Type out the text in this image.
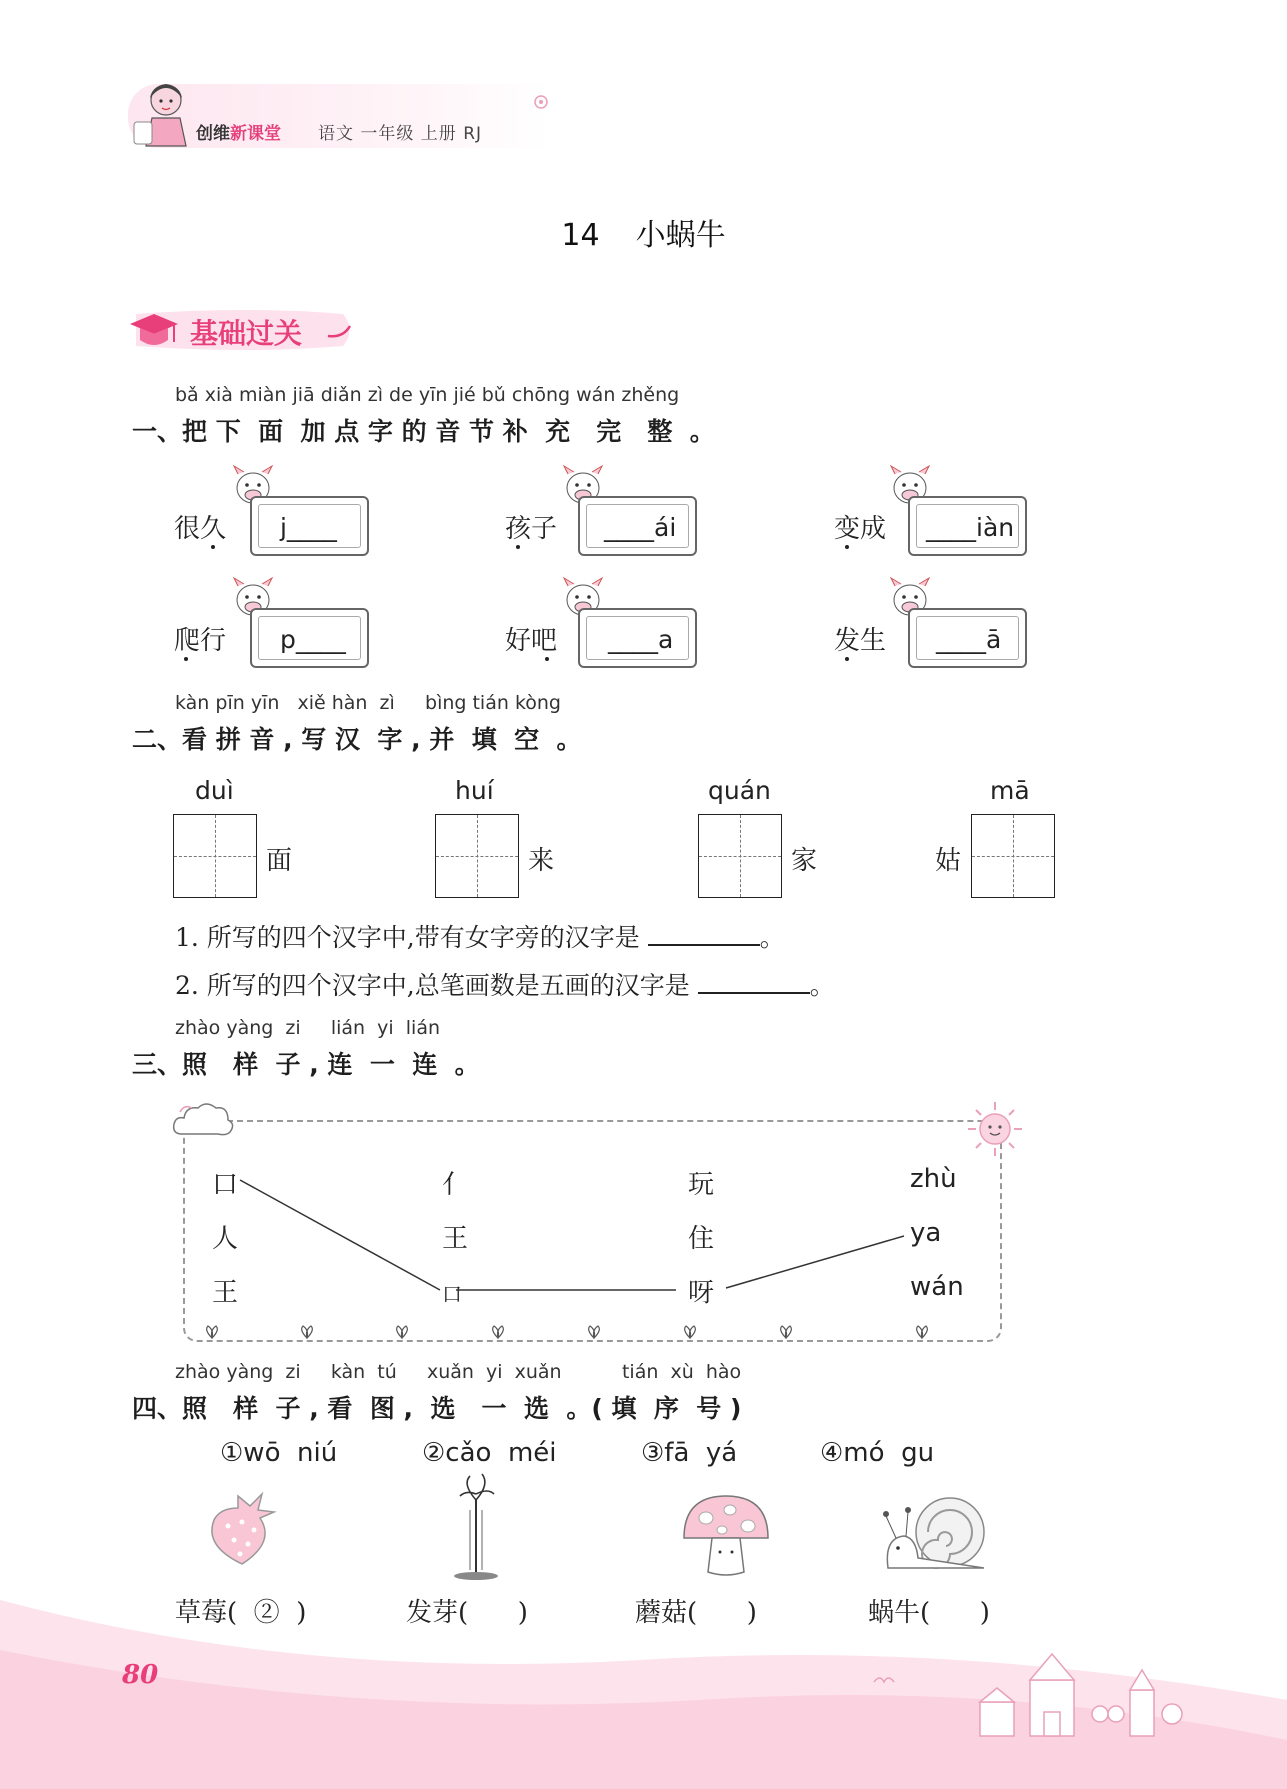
创维新课堂 语文 一年级 上册 RJ
14 小蜗牛
基础过关
bǎ xià miàn jiā diǎn zì de yīn jié bǔ chōng wán zhěng
一、把 下  面  加 点 字 的 音 节 补  充   完   整  。
很久 j____	孩子 ____ái	变成 ____iàn
爬行 p____	好吧 ____a	发生 ____ā
kàn pīn yīn   xiě hàn  zì     bìng tián kòng
二、看 拼 音 , 写 汉  字 , 并  填  空  。
duì
面
huí
来
quán
家
mā
姑
1. 所写的四个汉字中,带有女字旁的汉字是	。
2. 所写的四个汉字中,总笔画数是五画的汉字是	。
zhào yàng  zi     lián  yi  lián
三、照   样  子 , 连  一  连  。
口
人
王
亻
王
口
玩
住
呀
zhù
ya
wán
zhào yàng  zi     kàn  tú     xuǎn  yi  xuǎn          tián  xù  hào
四、照   样  子 , 看  图 ,  选   一  选  。( 填  序  号 )
①wō  niú	②cǎo  méi	③fā  yá	④mó  gu
草莓(  ②  )	发芽(      )	蘑菇(      )	蜗牛(      )
80
